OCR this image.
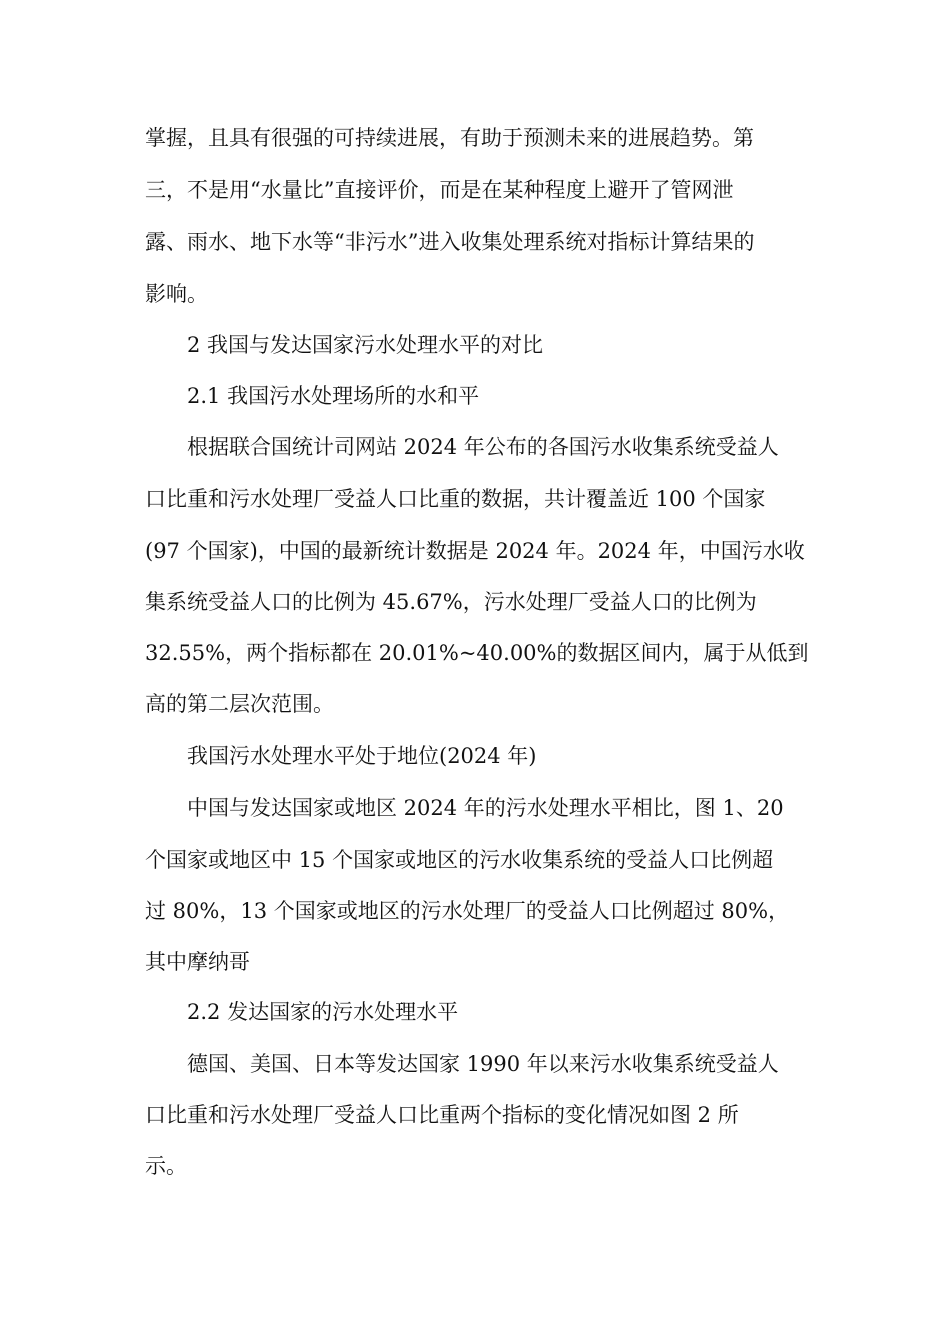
掌握，且具有很强的可持续进展，有助于预测未来的进展趋势。第
三，不是用“水量比”直接评价，而是在某种程度上避开了管网泄
露、雨水、地下水等“非污水”进入收集处理系统对指标计算结果的
影响。
2 我国与发达国家污水处理水平的对比
2.1 我国污水处理场所的水和平
根据联合国统计司网站 2024 年公布的各国污水收集系统受益人
口比重和污水处理厂受益人口比重的数据，共计覆盖近 100 个国家
(97 个国家)，中国的最新统计数据是 2024 年。2024 年，中国污水收
集系统受益人口的比例为 45.67%，污水处理厂受益人口的比例为
32.55%，两个指标都在 20.01%~40.00%的数据区间内，属于从低到
高的第二层次范围。
我国污水处理水平处于地位(2024 年)
中国与发达国家或地区 2024 年的污水处理水平相比，图 1、20
个国家或地区中 15 个国家或地区的污水收集系统的受益人口比例超
过 80%，13 个国家或地区的污水处理厂的受益人口比例超过 80%，
其中摩纳哥
2.2 发达国家的污水处理水平
德国、美国、日本等发达国家 1990 年以来污水收集系统受益人
口比重和污水处理厂受益人口比重两个指标的变化情况如图 2 所
示。
